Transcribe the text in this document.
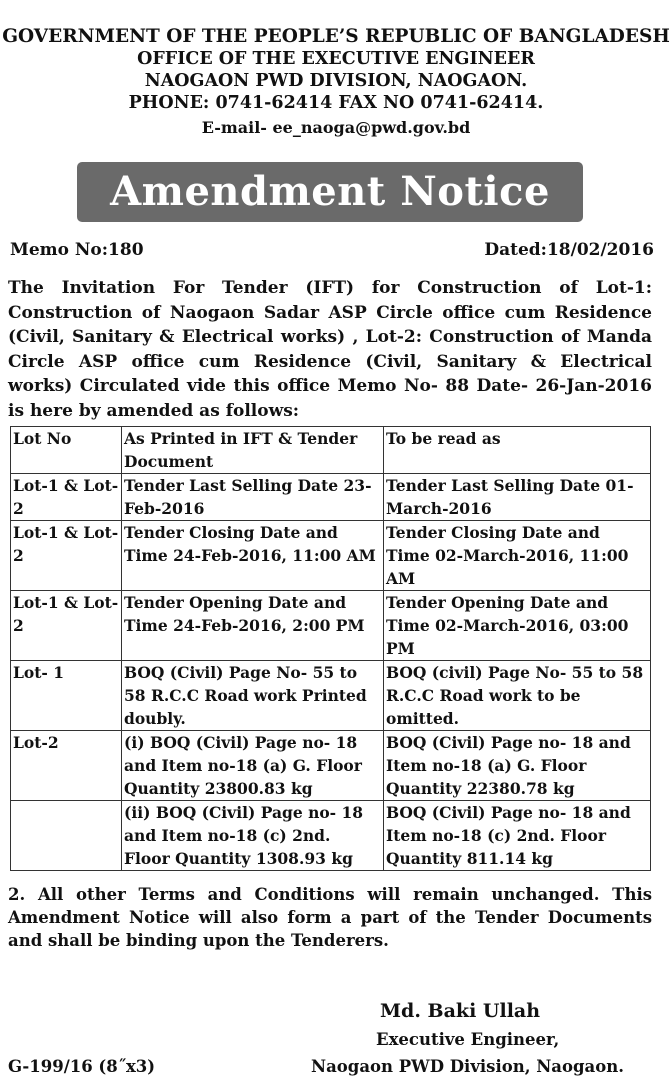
GOVERNMENT OF THE PEOPLE’S REPUBLIC OF BANGLADESH
OFFICE OF THE EXECUTIVE ENGINEER
NAOGAON PWD DIVISION, NAOGAON.
PHONE: 0741-62414 FAX NO 0741-62414.
E-mail- ee_naoga@pwd.gov.bd
Amendment Notice
Memo No:180	Dated:18/02/2016
The Invitation For Tender (IFT) for Construction of Lot-1: Construction of Naogaon Sadar ASP Circle office cum Residence (Civil, Sanitary & Electrical works) , Lot-2: Construction of Manda Circle ASP office cum Residence (Civil, Sanitary & Electrical works) Circulated vide this office Memo No- 88 Date- 26-Jan-2016 is here by amended as follows:
Lot No	As Printed in IFT & Tender Document	To be read as
Lot-1 & Lot-2	Tender Last Selling Date 23-Feb-2016	Tender Last Selling Date 01-March-2016
Lot-1 & Lot-2	Tender Closing Date and Time 24-Feb-2016, 11:00 AM	Tender Closing Date and Time 02-March-2016, 11:00 AM
Lot-1 & Lot-2	Tender Opening Date and Time 24-Feb-2016, 2:00 PM	Tender Opening Date and Time 02-March-2016, 03:00 PM
Lot- 1	BOQ (Civil) Page No- 55 to 58 R.C.C Road work Printed doubly.	BOQ (civil) Page No- 55 to 58 R.C.C Road work to be omitted.
Lot-2	(i) BOQ (Civil) Page no- 18 and Item no-18 (a) G. Floor Quantity 23800.83 kg	BOQ (Civil) Page no- 18 and Item no-18 (a) G. Floor Quantity 22380.78 kg
	(ii) BOQ (Civil) Page no- 18 and Item no-18 (c) 2nd. Floor Quantity 1308.93 kg	BOQ (Civil) Page no- 18 and Item no-18 (c) 2nd. Floor Quantity 811.14 kg
2. All other Terms and Conditions will remain unchanged. This Amendment Notice will also form a part of the Tender Documents and shall be binding upon the Tenderers.
Md. Baki Ullah
Executive Engineer,
Naogaon PWD Division, Naogaon.
G-199/16 (8˝x3)
